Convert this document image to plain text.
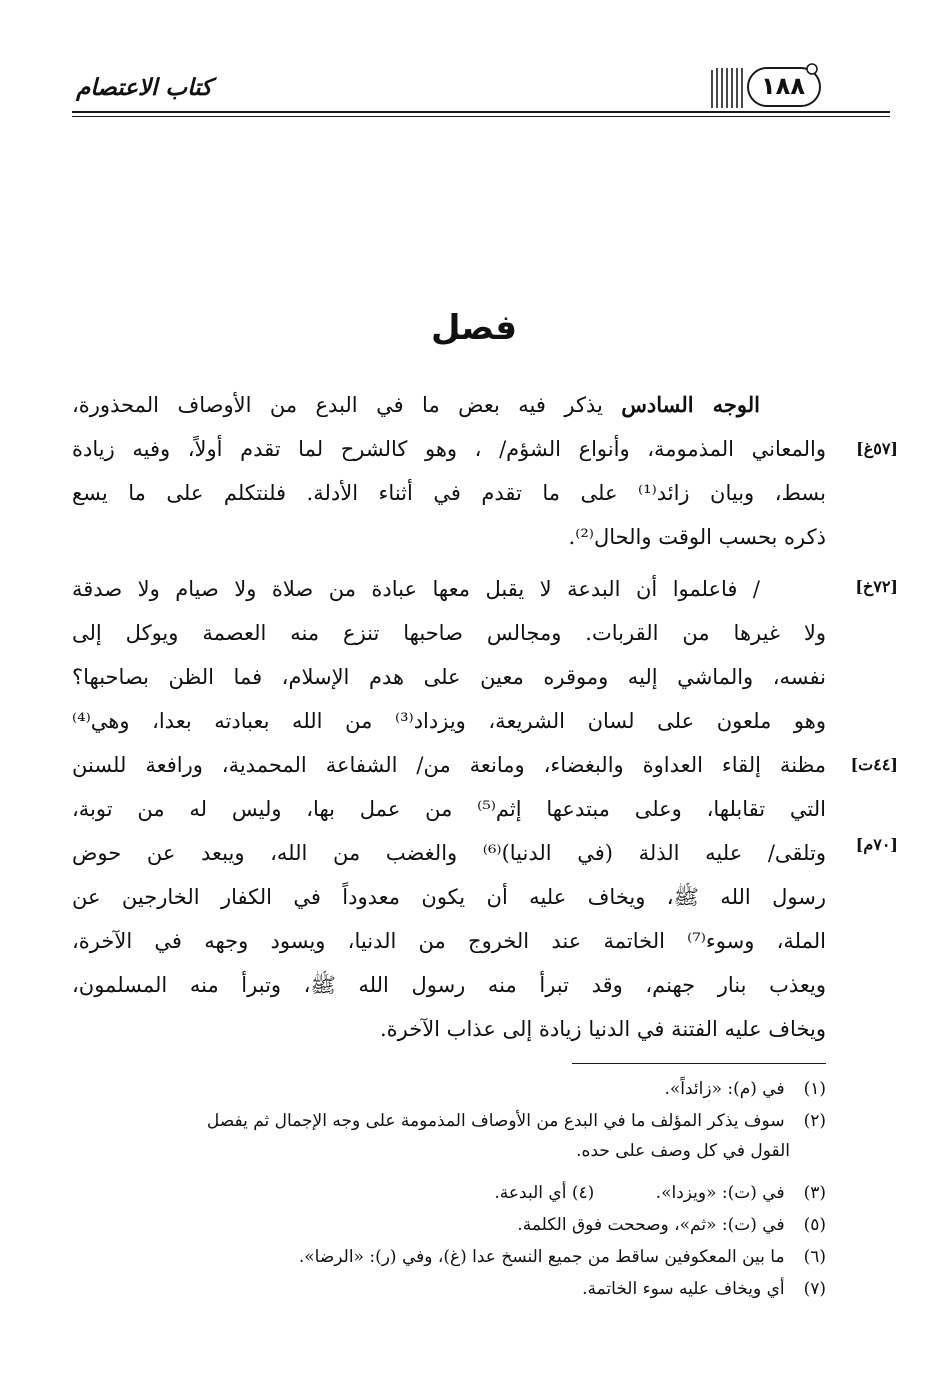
كتاب الاعتصام	١٨٨
فصل
الوجه السادس يذكر فيه بعض ما في البدع من الأوصاف المحذورة،
والمعاني المذمومة، وأنواع الشؤم/ ، وهو كالشرح لما تقدم أولاً، وفيه زيادة	[٥٧غ]
بسط، وبيان زائد⁽¹⁾ على ما تقدم في أثناء الأدلة. فلنتكلم على ما يسع
ذكره بحسب الوقت والحال⁽²⁾.
/ فاعلموا أن البدعة لا يقبل معها عبادة من صلاة ولا صيام ولا صدقة	[٧٢خ]
ولا غيرها من القربات. ومجالس صاحبها تنزع منه العصمة ويوكل إلى
نفسه، والماشي إليه وموقره معين على هدم الإسلام، فما الظن بصاحبها؟
وهو ملعون على لسان الشريعة، ويزداد⁽³⁾ من الله بعبادته بعدا، وهي⁽⁴⁾
مظنة إلقاء العداوة والبغضاء، ومانعة من/ الشفاعة المحمدية، ورافعة للسنن [٤٤ت]
التي تقابلها، وعلى مبتدعها إثم⁽⁵⁾ من عمل بها، وليس له من توبة،
وتلقى/ عليه الذلة (في الدنيا)⁽⁶⁾ والغضب من الله، ويبعد عن حوض	[٧٠م]
رسول الله ﷺ، ويخاف عليه أن يكون معدوداً في الكفار الخارجين عن
الملة، وسوء⁽⁷⁾ الخاتمة عند الخروج من الدنيا، ويسود وجهه في الآخرة،
ويعذب بنار جهنم، وقد تبرأ منه رسول الله ﷺ، وتبرأ منه المسلمون،
ويخاف عليه الفتنة في الدنيا زيادة إلى عذاب الآخرة.
(١) في (م): «زائداً».
(٢) سوف يذكر المؤلف ما في البدع من الأوصاف المذمومة على وجه الإجمال ثم يفصل
القول في كل وصف على حده.
(٣) في (ت): «ويزدا». (٤) أي البدعة.
(٥) في (ت): «ثم»، وصححت فوق الكلمة.
(٦) ما بين المعكوفين ساقط من جميع النسخ عدا (غ)، وفي (ر): «الرضا».
(٧) أي ويخاف عليه سوء الخاتمة.
